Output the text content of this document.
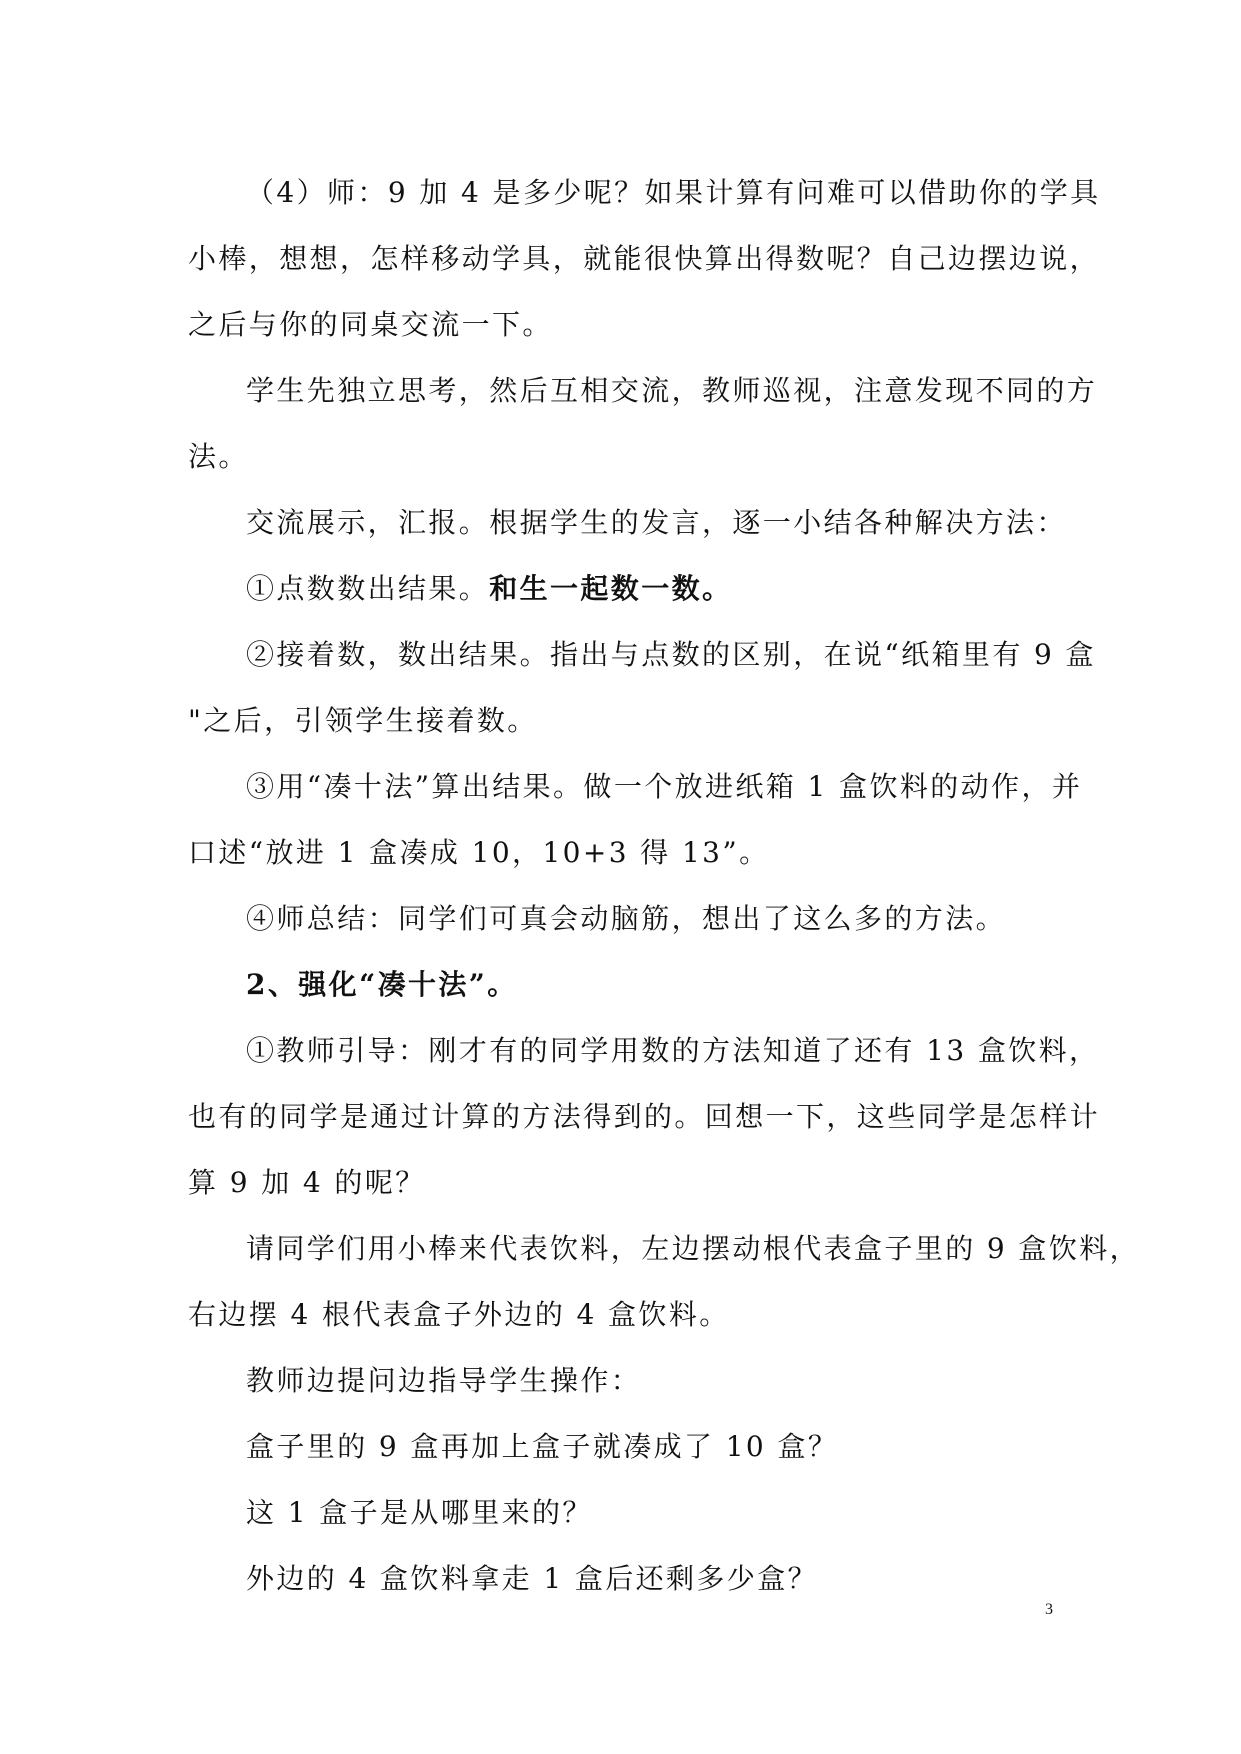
（4）师：9 加 4 是多少呢？如果计算有问难可以借助你的学具

小棒，想想，怎样移动学具，就能很快算出得数呢？自己边摆边说，

之后与你的同桌交流一下。

学生先独立思考，然后互相交流，教师巡视，注意发现不同的方

法。

交流展示，汇报。根据学生的发言，逐一小结各种解决方法：

①点数数出结果。和生一起数一数。

②接着数，数出结果。指出与点数的区别，在说“纸箱里有 9 盒

"之后，引领学生接着数。

③用“凑十法”算出结果。做一个放进纸箱 1 盒饮料的动作，并

口述“放进 1 盒凑成 10，10+3 得 13”。

④师总结：同学们可真会动脑筋，想出了这么多的方法。

2、强化“凑十法”。

①教师引导：刚才有的同学用数的方法知道了还有 13 盒饮料，

也有的同学是通过计算的方法得到的。回想一下，这些同学是怎样计

算 9 加 4 的呢？

请同学们用小棒来代表饮料，左边摆动根代表盒子里的 9 盒饮料，

右边摆 4 根代表盒子外边的 4 盒饮料。

教师边提问边指导学生操作：

盒子里的 9 盒再加上盒子就凑成了 10 盒？

这 1 盒子是从哪里来的？

外边的 4 盒饮料拿走 1 盒后还剩多少盒？

3
